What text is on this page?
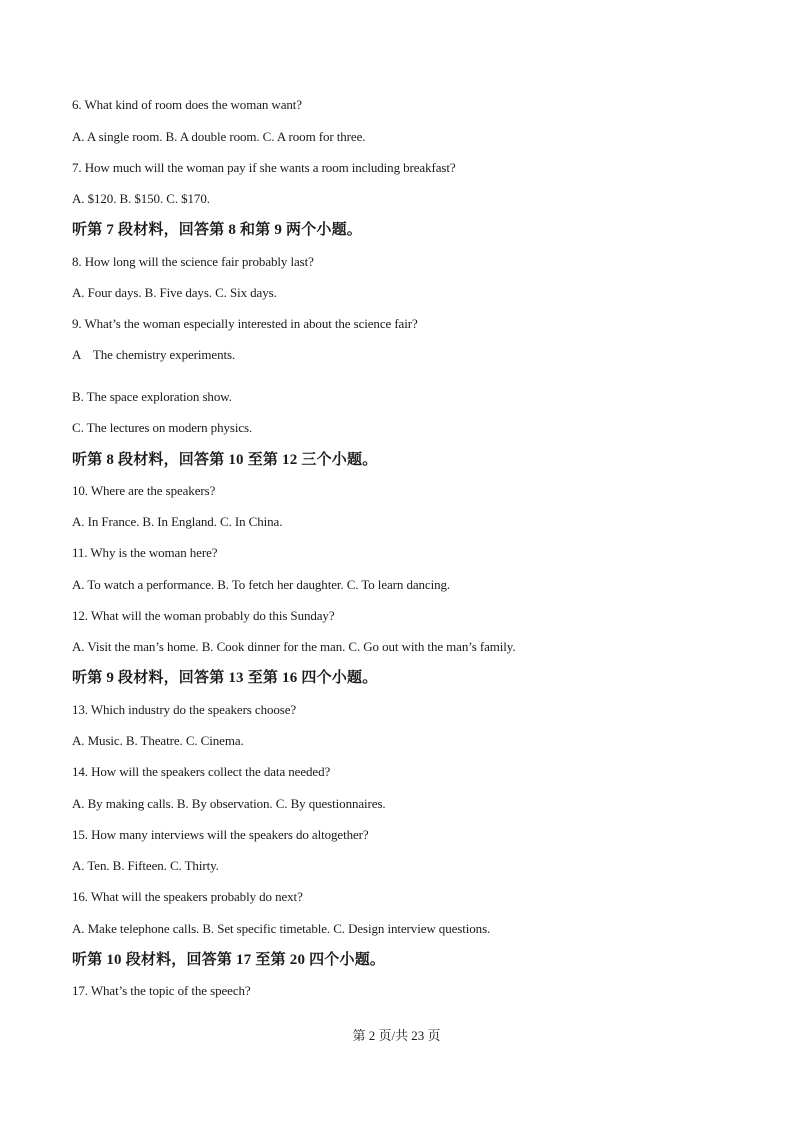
6. What kind of room does the woman want?
A. A single room. B. A double room. C. A room for three.
7. How much will the woman pay if she wants a room including breakfast?
A. $120. B. $150. C. $170.
听第 7 段材料，回答第 8 和第 9 两个小题。
8. How long will the science fair probably last?
A. Four days. B. Five days. C. Six days.
9. What’s the woman especially interested in about the science fair?
A    The chemistry experiments.
B. The space exploration show.
C. The lectures on modern physics.
听第 8 段材料，回答第 10 至第 12 三个小题。
10. Where are the speakers?
A. In France. B. In England. C. In China.
11. Why is the woman here?
A. To watch a performance. B. To fetch her daughter. C. To learn dancing.
12. What will the woman probably do this Sunday?
A. Visit the man’s home. B. Cook dinner for the man. C. Go out with the man’s family.
听第 9 段材料，回答第 13 至第 16 四个小题。
13. Which industry do the speakers choose?
A. Music. B. Theatre. C. Cinema.
14. How will the speakers collect the data needed?
A. By making calls. B. By observation. C. By questionnaires.
15. How many interviews will the speakers do altogether?
A. Ten. B. Fifteen. C. Thirty.
16. What will the speakers probably do next?
A. Make telephone calls. B. Set specific timetable. C. Design interview questions.
听第 10 段材料，回答第 17 至第 20 四个小题。
17. What’s the topic of the speech?
第 2 页/共 23 页
